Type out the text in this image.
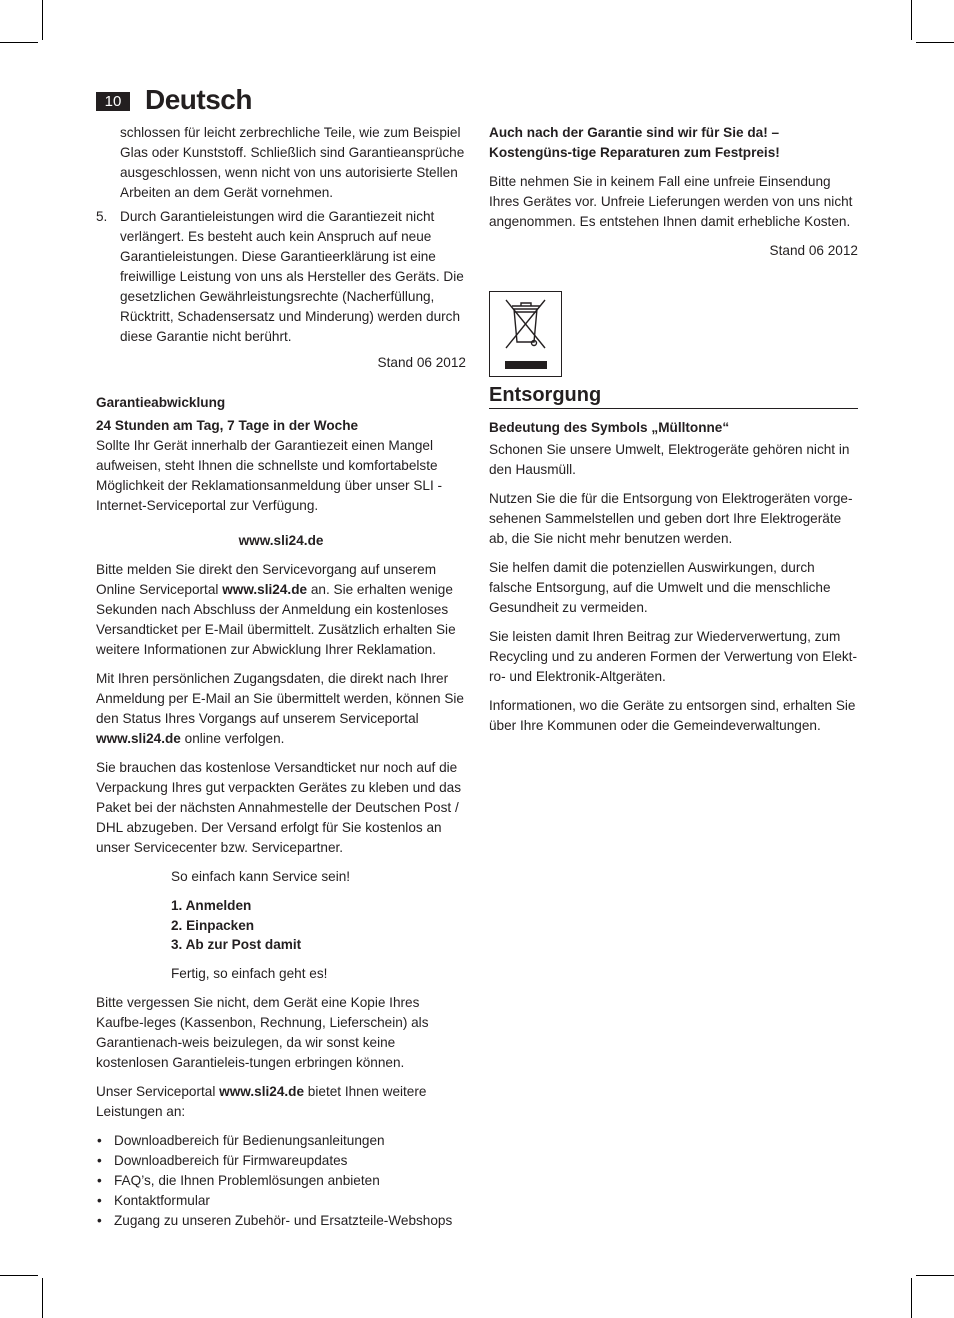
10 Deutsch
schlossen für leicht zerbrechliche Teile, wie zum Beispiel Glas oder Kunststoff. Schließlich sind Garantieansprüche ausgeschlossen, wenn nicht von uns autorisierte Stellen Arbeiten an dem Gerät vornehmen.
5. Durch Garantieleistungen wird die Garantiezeit nicht verlängert. Es besteht auch kein Anspruch auf neue Garantieleistungen. Diese Garantieerklärung ist eine freiwillige Leistung von uns als Hersteller des Geräts. Die gesetzlichen Gewährleistungsrechte (Nacherfüllung, Rücktritt, Schadensersatz und Minderung) werden durch diese Garantie nicht berührt.

Stand 06 2012

Garantieabwicklung
24 Stunden am Tag, 7 Tage in der Woche

Sollte Ihr Gerät innerhalb der Garantiezeit einen Mangel aufweisen, steht Ihnen die schnellste und komfortabelste Möglichkeit der Reklamationsanmeldung über unser SLI - Internet-Serviceportal zur Verfügung.

www.sli24.de

Bitte melden Sie direkt den Servicevorgang auf unserem Online Serviceportal www.sli24.de an. Sie erhalten wenige Sekunden nach Abschluss der Anmeldung ein kostenloses Versandticket per E-Mail übermittelt. Zusätzlich erhalten Sie weitere Informationen zur Abwicklung Ihrer Reklamation.

Mit Ihren persönlichen Zugangsdaten, die direkt nach Ihrer Anmeldung per E-Mail an Sie übermittelt werden, können Sie den Status Ihres Vorgangs auf unserem Serviceportal www.sli24.de online verfolgen.

Sie brauchen das kostenlose Versandticket nur noch auf die Verpackung Ihres gut verpackten Gerätes zu kleben und das Paket bei der nächsten Annahmestelle der Deutschen Post / DHL abzugeben. Der Versand erfolgt für Sie kostenlos an unser Servicecenter bzw. Servicepartner.

So einfach kann Service sein!

1. Anmelden
2. Einpacken
3. Ab zur Post damit

Fertig, so einfach geht es!

Bitte vergessen Sie nicht, dem Gerät eine Kopie Ihres Kaufbe-leges (Kassenbon, Rechnung, Lieferschein) als Garantienach-weis beizulegen, da wir sonst keine kostenlosen Garantieleis-tungen erbringen können.

Unser Serviceportal www.sli24.de bietet Ihnen weitere Leistungen an:

• Downloadbereich für Bedienungsanleitungen
• Downloadbereich für Firmwareupdates
• FAQ’s, die Ihnen Problemlösungen anbieten
• Kontaktformular
• Zugang zu unseren Zubehör- und Ersatzteile-Webshops
Auch nach der Garantie sind wir für Sie da! – Kostengüns-tige Reparaturen zum Festpreis!

Bitte nehmen Sie in keinem Fall eine unfreie Einsendung Ihres Gerätes vor. Unfreie Lieferungen werden von uns nicht angenommen. Es entstehen Ihnen damit erhebliche Kosten.

Stand 06 2012

Entsorgung
Bedeutung des Symbols „Mülltonne“

Schonen Sie unsere Umwelt, Elektrogeräte gehören nicht in den Hausmüll.

Nutzen Sie die für die Entsorgung von Elektrogeräten vorge-sehenen Sammelstellen und geben dort Ihre Elektrogeräte ab, die Sie nicht mehr benutzen werden.

Sie helfen damit die potenziellen Auswirkungen, durch falsche Entsorgung, auf die Umwelt und die menschliche Gesundheit zu vermeiden.

Sie leisten damit Ihren Beitrag zur Wiederverwertung, zum Recycling und zu anderen Formen der Verwertung von Elekt-ro- und Elektronik-Altgeräten.

Informationen, wo die Geräte zu entsorgen sind, erhalten Sie über Ihre Kommunen oder die Gemeindeverwaltungen.
